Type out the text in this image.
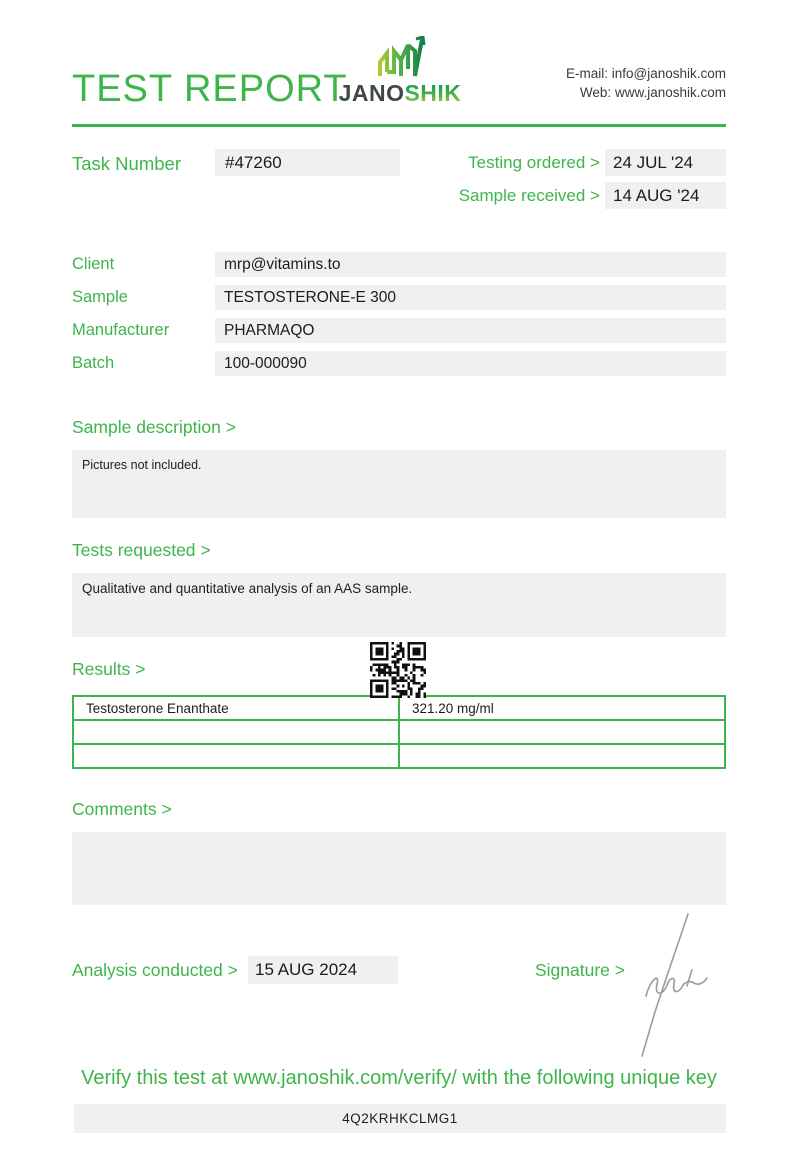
TEST REPORT
JANOSHIK
E-mail: info@janoshik.com
Web: www.janoshik.com
Task Number	#47260	Testing ordered > 24 JUL '24
Sample received > 14 AUG '24
Client	mrp@vitamins.to
Sample	TESTOSTERONE-E 300
Manufacturer	PHARMAQO
Batch	100-000090
Sample description >
Pictures not included.
Tests requested >
Qualitative and quantitative analysis of an AAS sample.
Results >
Testosterone Enanthate	321.20 mg/ml

Comments >
Analysis conducted >	15 AUG 2024	Signature >
Verify this test at www.janoshik.com/verify/ with the following unique key
4Q2KRHKCLMG1
